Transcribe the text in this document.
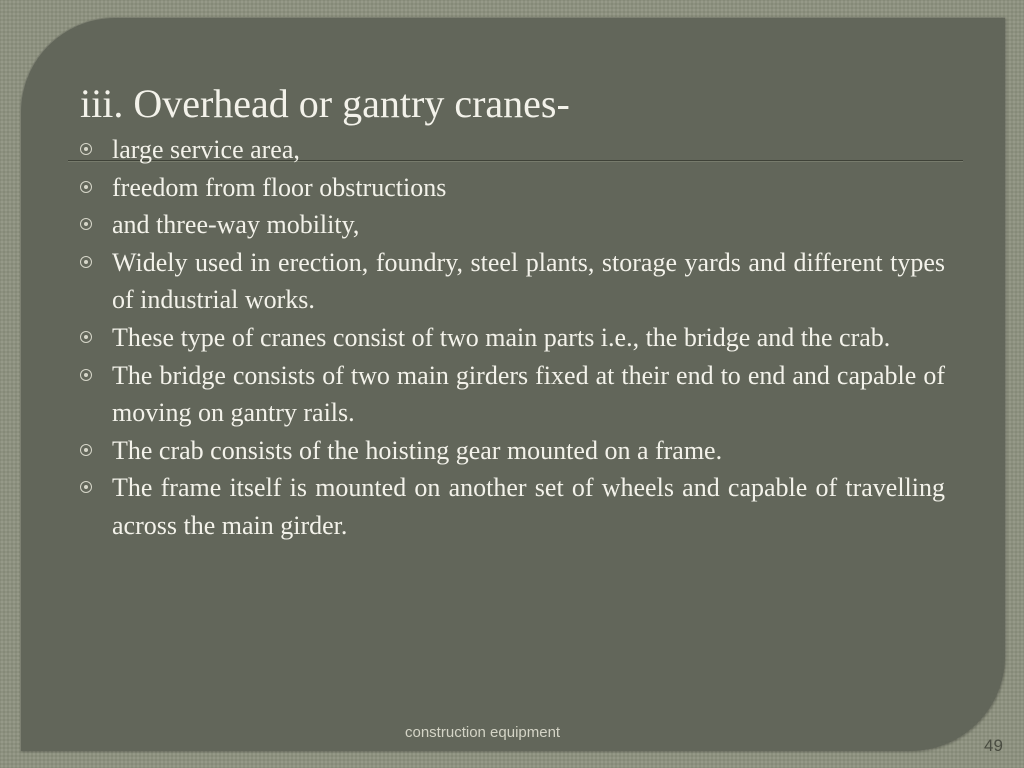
iii. Overhead or gantry cranes-
large service area,
freedom from floor obstructions
and three-way mobility,
Widely used in erection, foundry, steel plants, storage yards and different types of industrial works.
These type of cranes consist of two main parts i.e., the bridge and the crab.
The bridge consists of two main girders fixed at their end to end and capable of moving on gantry rails.
The crab consists of the hoisting gear mounted on a frame.
The frame itself is mounted on another set of wheels and capable of travelling across the main girder.
construction equipment
49
